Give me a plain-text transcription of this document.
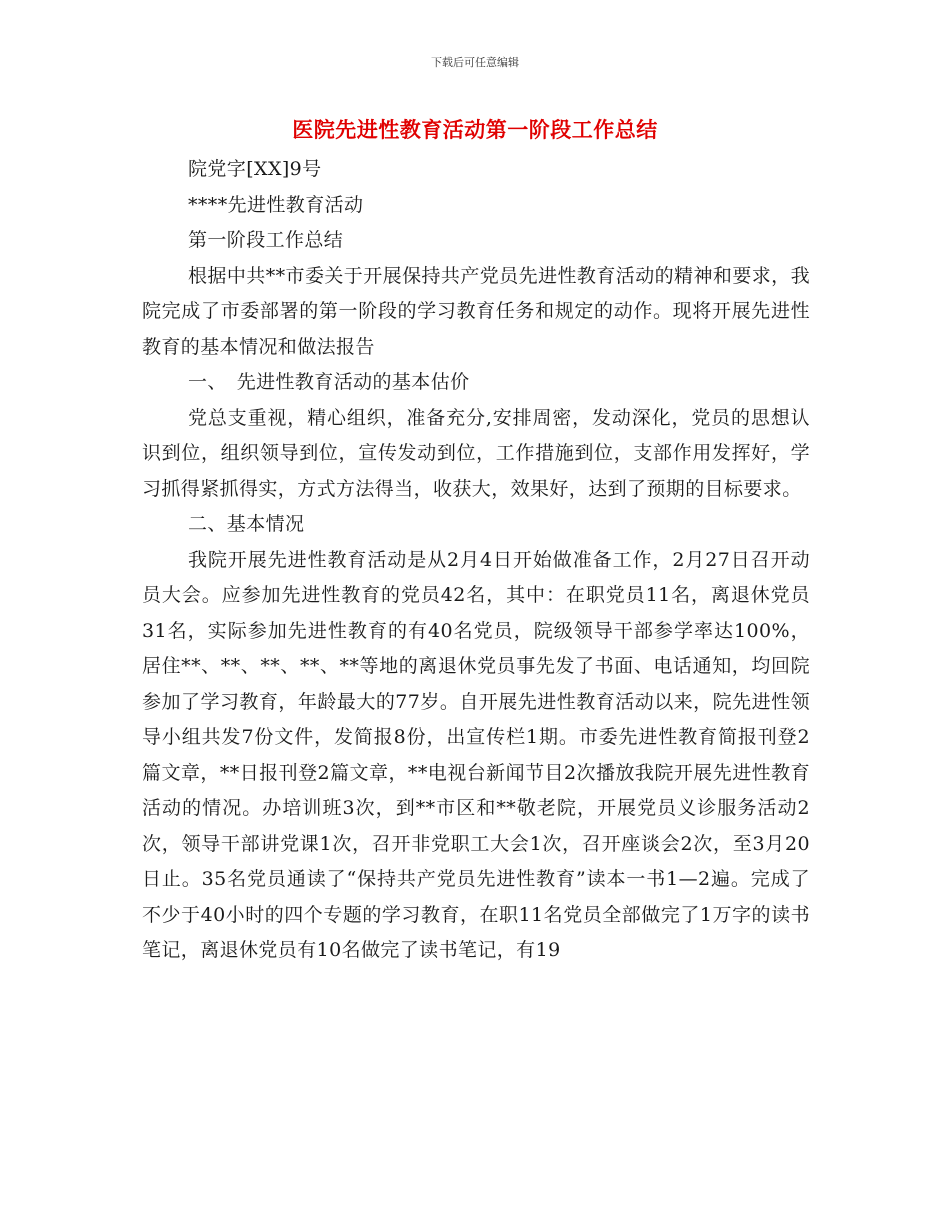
下载后可任意编辑
医院先进性教育活动第一阶段工作总结

院党字[XX]9号

****先进性教育活动

第一阶段工作总结

根据中共**市委关于开展保持共产党员先进性教育活动的精神和要求，我院完成了市委部署的第一阶段的学习教育任务和规定的动作。现将开展先进性教育的基本情况和做法报告

一、　先进性教育活动的基本估价

党总支重视，精心组织，准备充分,安排周密，发动深化，党员的思想认识到位，组织领导到位，宣传发动到位，工作措施到位，支部作用发挥好，学习抓得紧抓得实，方式方法得当，收获大，效果好，达到了预期的目标要求。

二、基本情况

我院开展先进性教育活动是从2月4日开始做准备工作，2月27日召开动员大会。应参加先进性教育的党员42名，其中：在职党员11名，离退休党员31名，实际参加先进性教育的有40名党员，院级领导干部参学率达100%，居住**、**、**、**、**等地的离退休党员事先发了书面、电话通知，均回院参加了学习教育，年龄最大的77岁。自开展先进性教育活动以来，院先进性领导小组共发7份文件，发简报8份，出宣传栏1期。市委先进性教育简报刊登2篇文章，**日报刊登2篇文章，**电视台新闻节目2次播放我院开展先进性教育活动的情况。办培训班3次，到**市区和**敬老院，开展党员义诊服务活动2次，领导干部讲党课1次，召开非党职工大会1次，召开座谈会2次，至3月20日止。35名党员通读了“保持共产党员先进性教育”读本一书1—2遍。完成了不少于40小时的四个专题的学习教育，在职11名党员全部做完了1万字的读书笔记，离退休党员有10名做完了读书笔记，有19
